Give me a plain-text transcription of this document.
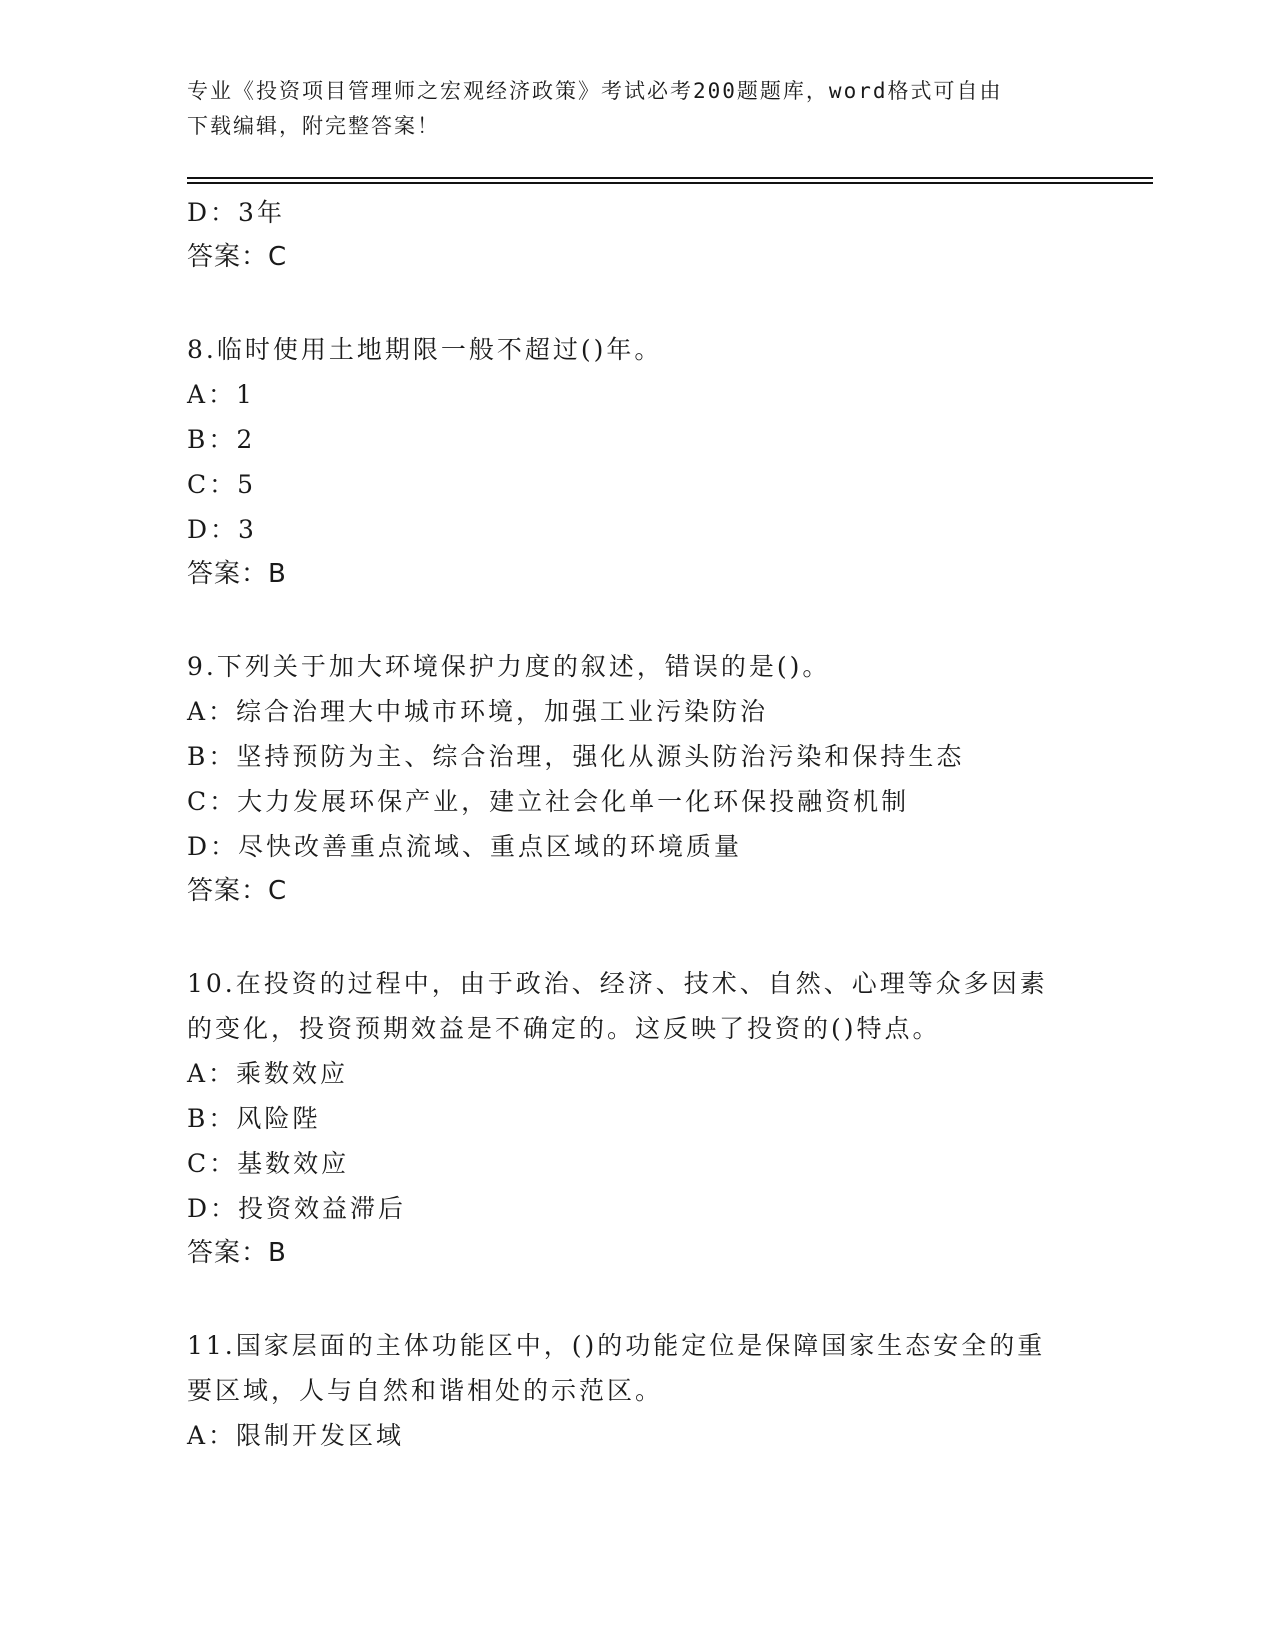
专业《投资项目管理师之宏观经济政策》考试必考200题题库，word格式可自由
下载编辑，附完整答案！
D：3年
答案：C
8.临时使用土地期限一般不超过()年。
A：1
B：2
C：5
D：3
答案：B
9.下列关于加大环境保护力度的叙述，错误的是()。
A：综合治理大中城市环境，加强工业污染防治
B：坚持预防为主、综合治理，强化从源头防治污染和保持生态
C：大力发展环保产业，建立社会化单一化环保投融资机制
D：尽快改善重点流域、重点区域的环境质量
答案：C
10.在投资的过程中，由于政治、经济、技术、自然、心理等众多因素
的变化，投资预期效益是不确定的。这反映了投资的()特点。
A：乘数效应
B：风险陛
C：基数效应
D：投资效益滞后
答案：B
11.国家层面的主体功能区中，()的功能定位是保障国家生态安全的重
要区域，人与自然和谐相处的示范区。
A：限制开发区域
